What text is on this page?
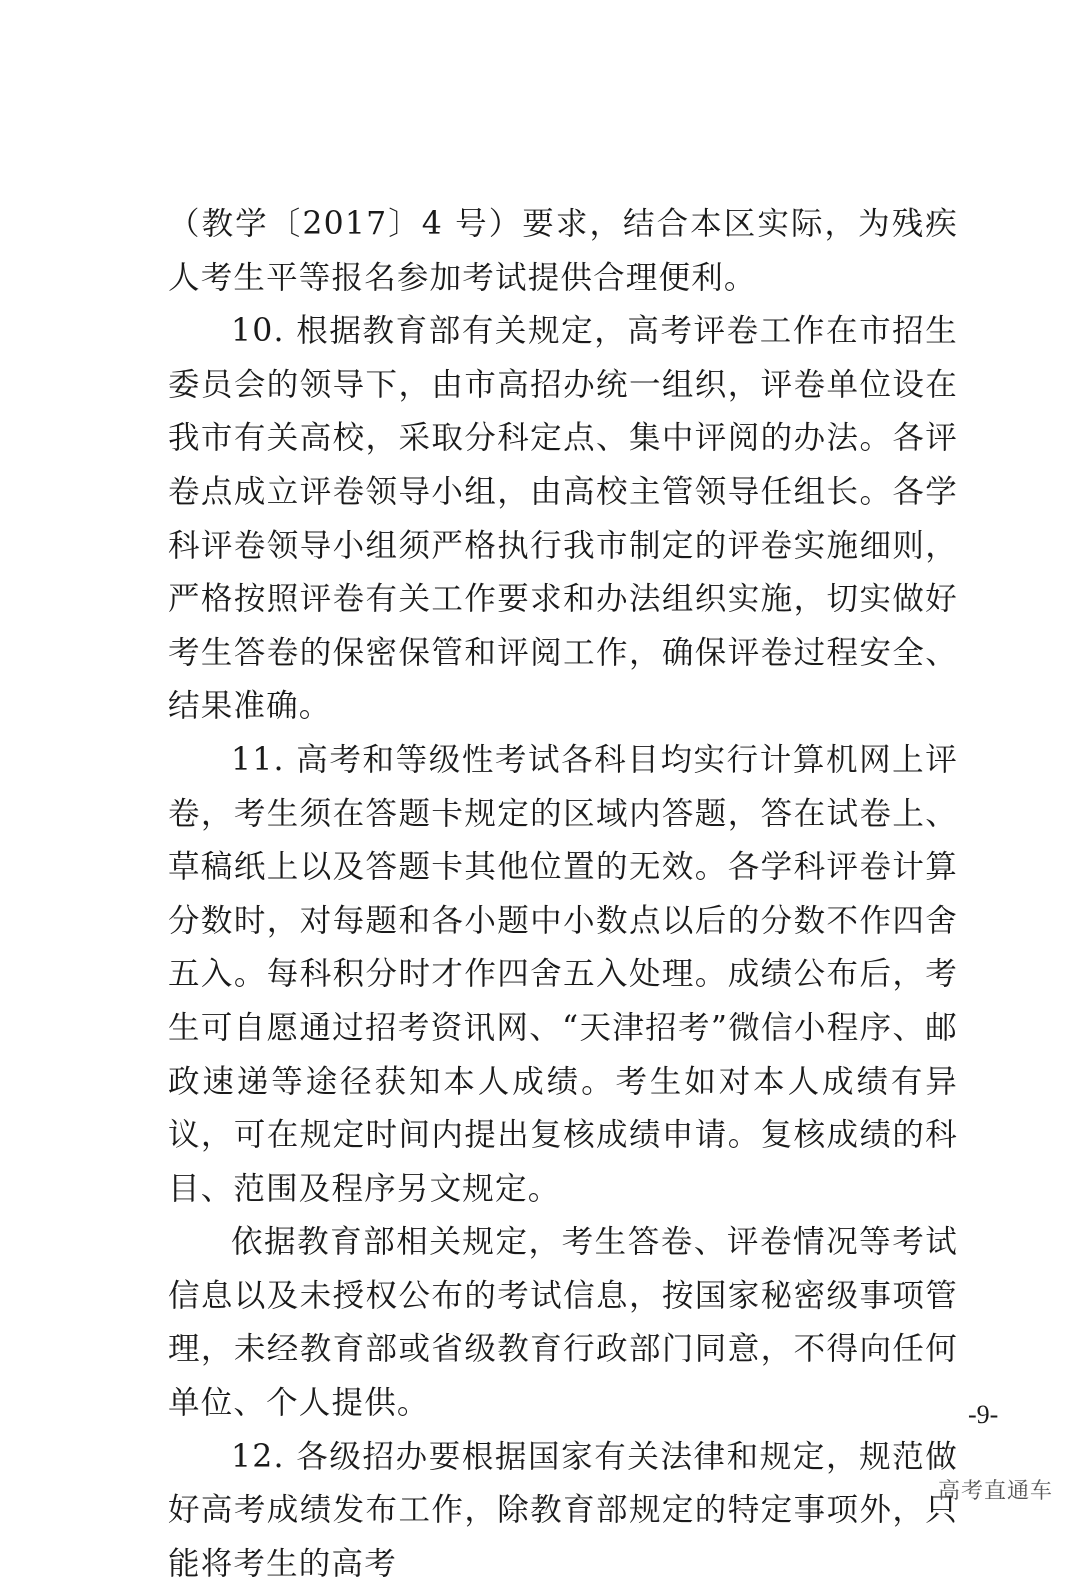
（教学〔2017〕4 号）要求，结合本区实际，为残疾人考生平等报名参加考试提供合理便利。

10. 根据教育部有关规定，高考评卷工作在市招生委员会的领导下，由市高招办统一组织，评卷单位设在我市有关高校，采取分科定点、集中评阅的办法。各评卷点成立评卷领导小组，由高校主管领导任组长。各学科评卷领导小组须严格执行我市制定的评卷实施细则，严格按照评卷有关工作要求和办法组织实施，切实做好考生答卷的保密保管和评阅工作，确保评卷过程安全、结果准确。

11. 高考和等级性考试各科目均实行计算机网上评卷，考生须在答题卡规定的区域内答题，答在试卷上、草稿纸上以及答题卡其他位置的无效。各学科评卷计算分数时，对每题和各小题中小数点以后的分数不作四舍五入。每科积分时才作四舍五入处理。成绩公布后，考生可自愿通过招考资讯网、“天津招考”微信小程序、邮政速递等途径获知本人成绩。考生如对本人成绩有异议，可在规定时间内提出复核成绩申请。复核成绩的科目、范围及程序另文规定。

依据教育部相关规定，考生答卷、评卷情况等考试信息以及未授权公布的考试信息，按国家秘密级事项管理，未经教育部或省级教育行政部门同意，不得向任何单位、个人提供。

12. 各级招办要根据国家有关法律和规定，规范做好高考成绩发布工作，除教育部规定的特定事项外，只能将考生的高考

-9-
高考直通车
